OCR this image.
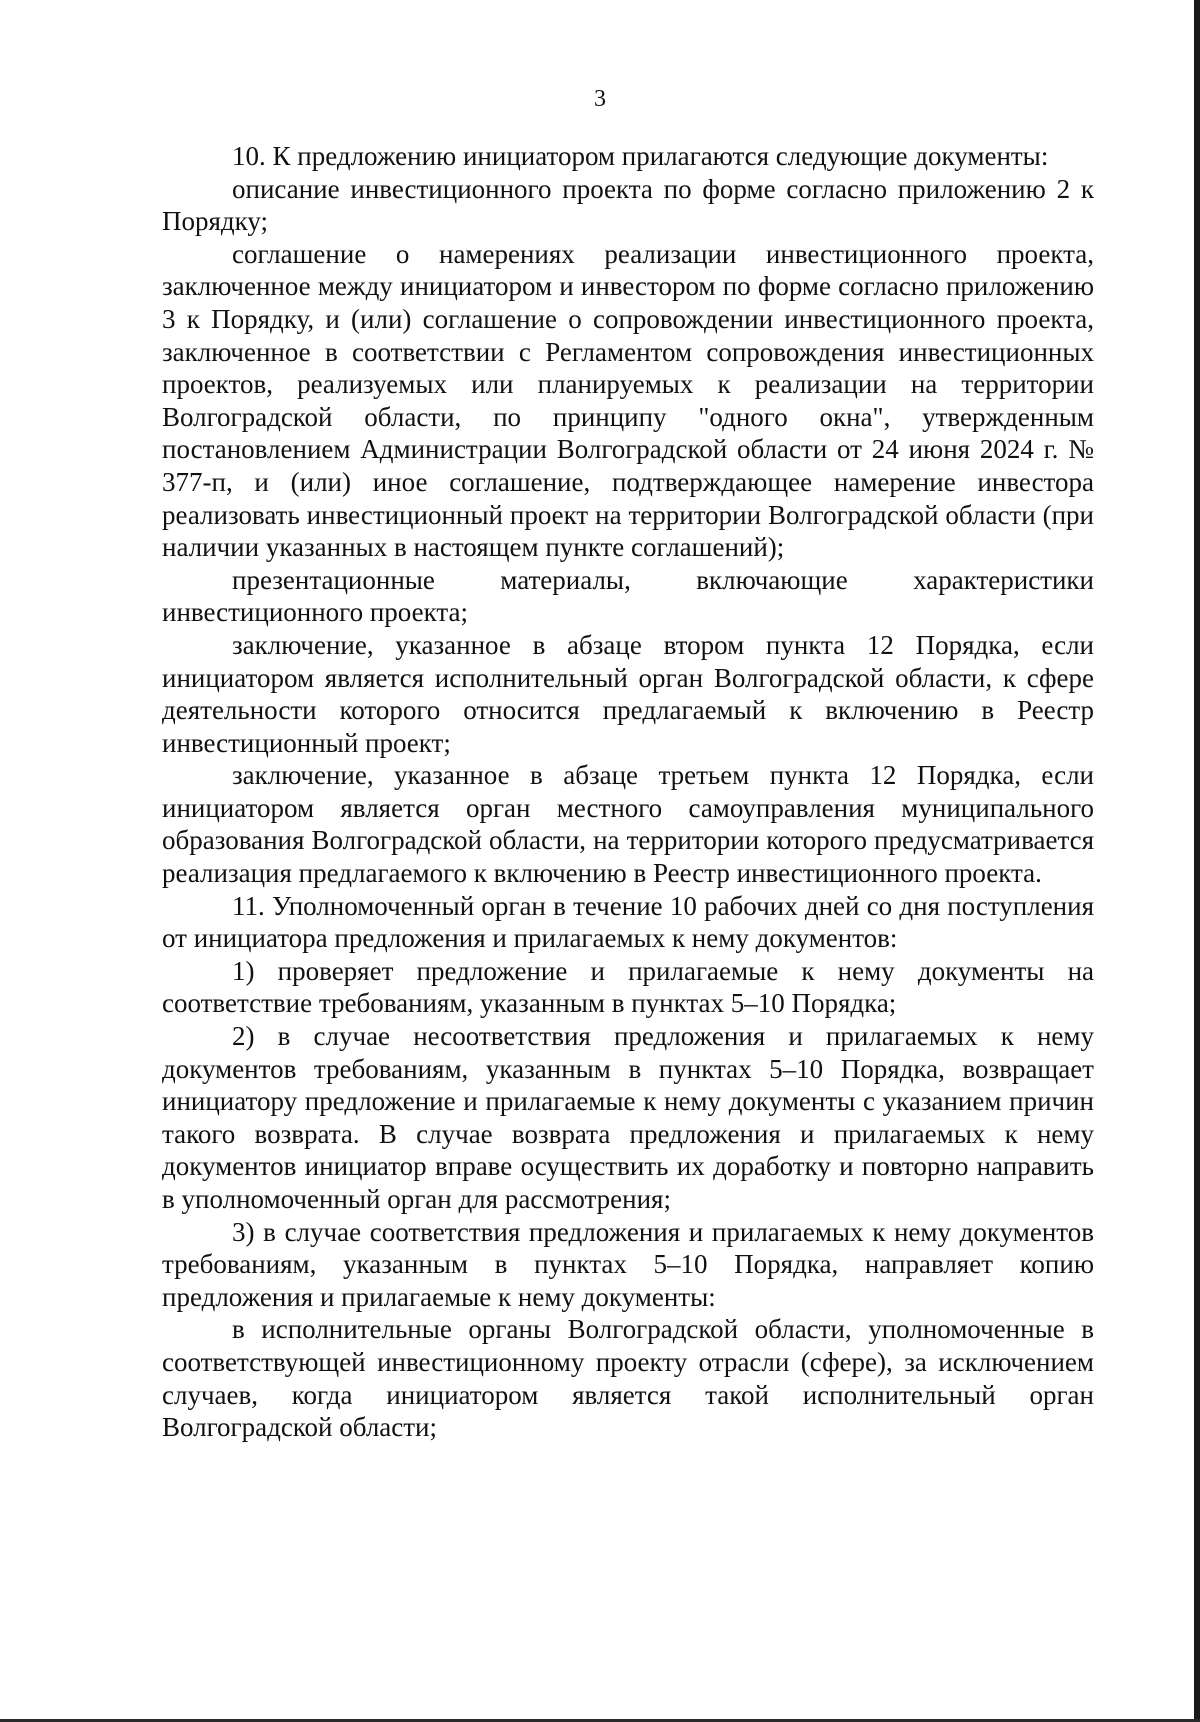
3

10. К предложению инициатором прилагаются следующие документы:

описание инвестиционного проекта по форме согласно приложению 2 к Порядку;

соглашение о намерениях реализации инвестиционного проекта, заключенное между инициатором и инвестором по форме согласно приложению 3 к Порядку, и (или) соглашение о сопровождении инвестиционного проекта, заключенное в соответствии с Регламентом сопровождения инвестиционных проектов, реализуемых или планируемых к реализации на территории Волгоградской области, по принципу "одного окна", утвержденным постановлением Администрации Волгоградской области от 24 июня 2024 г. № 377-п, и (или) иное соглашение, подтверждающее намерение инвестора реализовать инвестиционный проект на территории Волгоградской области (при наличии указанных в настоящем пункте соглашений);

презентационные материалы, включающие характеристики инвестиционного проекта;

заключение, указанное в абзаце втором пункта 12 Порядка, если инициатором является исполнительный орган Волгоградской области, к сфере деятельности которого относится предлагаемый к включению в Реестр инвестиционный проект;

заключение, указанное в абзаце третьем пункта 12 Порядка, если инициатором является орган местного самоуправления муниципального образования Волгоградской области, на территории которого предусматривается реализация предлагаемого к включению в Реестр инвестиционного проекта.

11. Уполномоченный орган в течение 10 рабочих дней со дня поступления от инициатора предложения и прилагаемых к нему документов:

1) проверяет предложение и прилагаемые к нему документы на соответствие требованиям, указанным в пунктах 5–10 Порядка;

2) в случае несоответствия предложения и прилагаемых к нему документов требованиям, указанным в пунктах 5–10 Порядка, возвращает инициатору предложение и прилагаемые к нему документы с указанием причин такого возврата. В случае возврата предложения и прилагаемых к нему документов инициатор вправе осуществить их доработку и повторно направить в уполномоченный орган для рассмотрения;

3) в случае соответствия предложения и прилагаемых к нему документов требованиям, указанным в пунктах 5–10 Порядка, направляет копию предложения и прилагаемые к нему документы:

в исполнительные органы Волгоградской области, уполномоченные в соответствующей инвестиционному проекту отрасли (сфере), за исключением случаев, когда инициатором является такой исполнительный орган Волгоградской области;
